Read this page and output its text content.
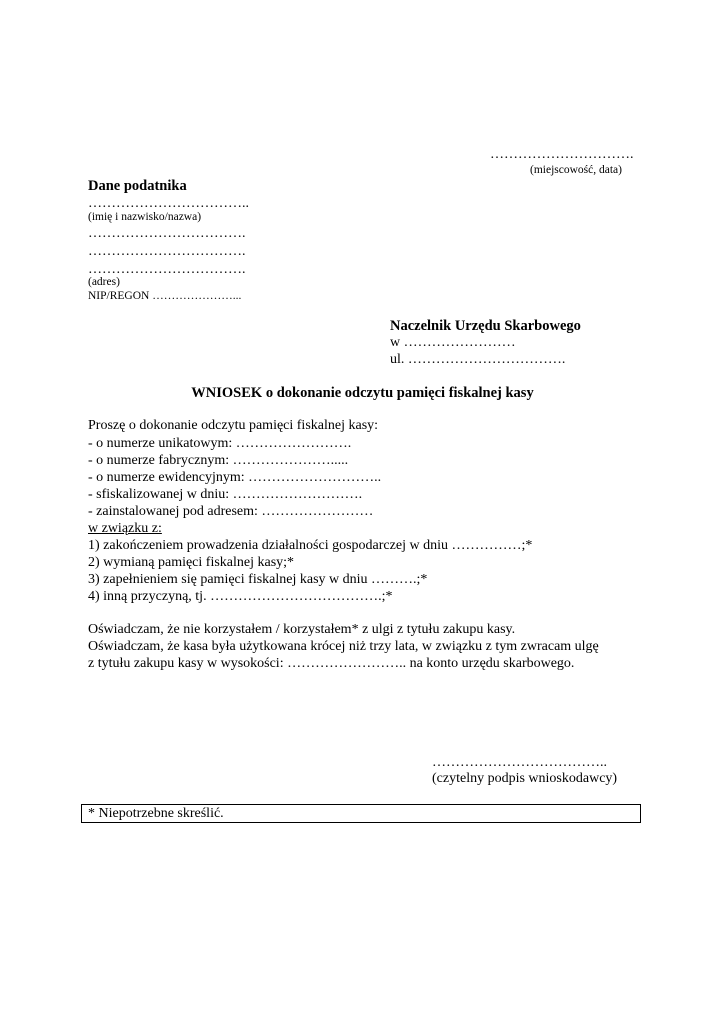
………………………….
(miejscowość, data)
Dane podatnika
……………………………..
(imię i nazwisko/nazwa)
…………………………….
…………………………….
…………………………….
(adres)
NIP/REGON …………………...
Naczelnik Urzędu Skarbowego
w ……………………
ul. …………………………….
WNIOSEK o dokonanie odczytu pamięci fiskalnej kasy
Proszę o dokonanie odczytu pamięci fiskalnej kasy:
- o numerze unikatowym: …………………….
- o numerze fabrycznym: ………………….....
- o numerze ewidencyjnym: ………………………..
- sfiskalizowanej w dniu: ……………………….
- zainstalowanej pod adresem: ……………………
w związku z:
1) zakończeniem prowadzenia działalności gospodarczej w dniu ……………;*
2) wymianą pamięci fiskalnej kasy;*
3) zapełnieniem się pamięci fiskalnej kasy w dniu ……….;*
4) inną przyczyną, tj. ……………………………….;*
Oświadczam, że nie korzystałem / korzystałem* z ulgi z tytułu zakupu kasy.
Oświadczam, że kasa była użytkowana krócej niż trzy lata, w związku z tym zwracam ulgę
z tytułu zakupu kasy w wysokości: …………………….. na konto urzędu skarbowego.
………………………………..
(czytelny podpis wnioskodawcy)
* Niepotrzebne skreślić.
